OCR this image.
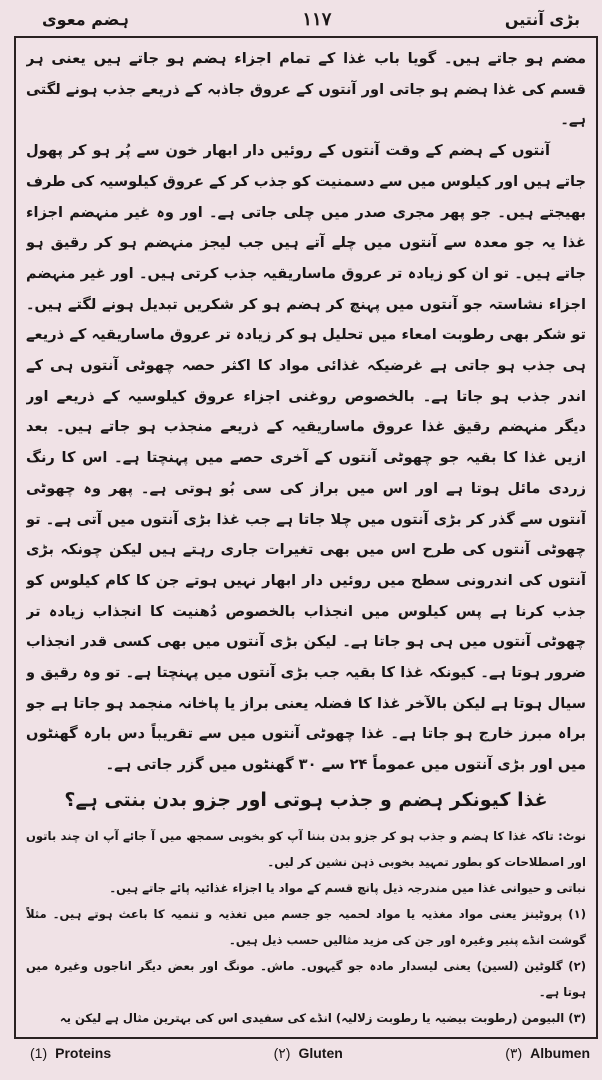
ہضم معوی	۱۱۷	بڑی آنتیں

مضم ہو جاتے ہیں۔ گویا باب غذا کے تمام اجزاء ہضم ہو جاتے ہیں یعنی ہر قسم کی غذا ہضم ہو جاتی اور آنتوں کے عروق جاذبہ کے ذریعے جذب ہونے لگتی ہے۔

آنتوں کے ہضم کے وقت آنتوں کے روئیں دار ابھار خون سے پُر ہو کر پھول جاتے ہیں اور کیلوس میں سے دسمنیت کو جذب کر کے عروق کیلوسیہ کی طرف بھیجتے ہیں۔ جو پھر مجری صدر میں چلی جاتی ہے۔ اور وہ غیر منہضم اجزاء غذا یہ جو معدہ سے آنتوں میں چلے آتے ہیں جب لیجز منہضم ہو کر رقیق ہو جاتے ہیں۔ تو ان کو زیادہ تر عروق ماساریقیہ جذب کرتی ہیں۔ اور غیر منہضم اجزاء نشاستہ جو آنتوں میں پہنچ کر ہضم ہو کر شکریں تبدیل ہونے لگتے ہیں۔ تو شکر بھی رطوبت امعاء میں تحلیل ہو کر زیادہ تر عروق ماساریقیہ کے ذریعے ہی جذب ہو جاتی ہے غرضیکہ غذائی مواد کا اکثر حصہ چھوٹی آنتوں ہی کے اندر جذب ہو جاتا ہے۔ بالخصوص روغنی اجزاء عروق کیلوسیہ کے ذریعے اور دیگر منہضم رقیق غذا عروق ماساریقیہ کے ذریعے منجذب ہو جاتے ہیں۔ بعد ازیں غذا کا بقیہ جو چھوٹی آنتوں کے آخری حصے میں پہنچتا ہے۔ اس کا رنگ زردی مائل ہوتا ہے اور اس میں براز کی سی بُو ہوتی ہے۔ پھر وہ چھوٹی آنتوں سے گذر کر بڑی آنتوں میں چلا جاتا ہے جب غذا بڑی آنتوں میں آتی ہے۔ تو چھوٹی آنتوں کی طرح اس میں بھی تغیرات جاری رہتے ہیں لیکن چونکہ بڑی آنتوں کی اندرونی سطح میں روئیں دار ابھار نہیں ہوتے جن کا کام کیلوس کو جذب کرنا ہے پس کیلوس میں انجذاب بالخصوص دُھنیت کا انجذاب زیادہ تر چھوٹی آنتوں میں ہی ہو جاتا ہے۔ لیکن بڑی آنتوں میں بھی کسی قدر انجذاب ضرور ہوتا ہے۔ کیونکہ غذا کا بقیہ جب بڑی آنتوں میں پہنچتا ہے۔ تو وہ رقیق و سیال ہوتا ہے لیکن بالآخر غذا کا فضلہ یعنی براز یا پاخانہ منجمد ہو جاتا ہے جو براہ مبرز خارج ہو جاتا ہے۔ غذا چھوٹی آنتوں میں سے تقریباً دس بارہ گھنٹوں میں اور بڑی آنتوں میں عموماً ۲۴ سے ۳۰ گھنٹوں میں گزر جاتی ہے۔

غذا کیونکر ہضم و جذب ہوتی اور جزو بدن بنتی ہے؟

نوٹ: تاکہ غذا کا ہضم و جذب ہو کر جزو بدن بننا آپ کو بخوبی سمجھ میں آ جائے آپ ان چند باتوں اور اصطلاحات کو بطور تمہید بخوبی ذہن نشین کر لیں۔

نباتی و حیوانی غذا میں مندرجہ ذیل پانچ قسم کے مواد یا اجزاء غذائیہ پائے جاتے ہیں۔

(۱) پروٹینز یعنی مواد مغذیہ یا مواد لحمیہ جو جسم میں تغذیہ و تنمیہ کا باعث ہوتے ہیں۔ مثلاً گوشت انڈے پنیر وغیرہ اور جن کی مزید مثالیں حسب ذیل ہیں۔

(۲) گلوٹین (لسین) یعنی لیسدار مادہ جو گیہوں۔ ماش۔ مونگ اور بعض دیگر اناجوں وغیرہ میں ہوتا ہے۔

(۳) البیومن (رطوبت بیضیہ یا رطوبت زلالیہ) انڈے کی سفیدی اس کی بہترین مثال ہے لیکن یہ

(1) Proteins	(۲) Gluten	(۳) Albumen
